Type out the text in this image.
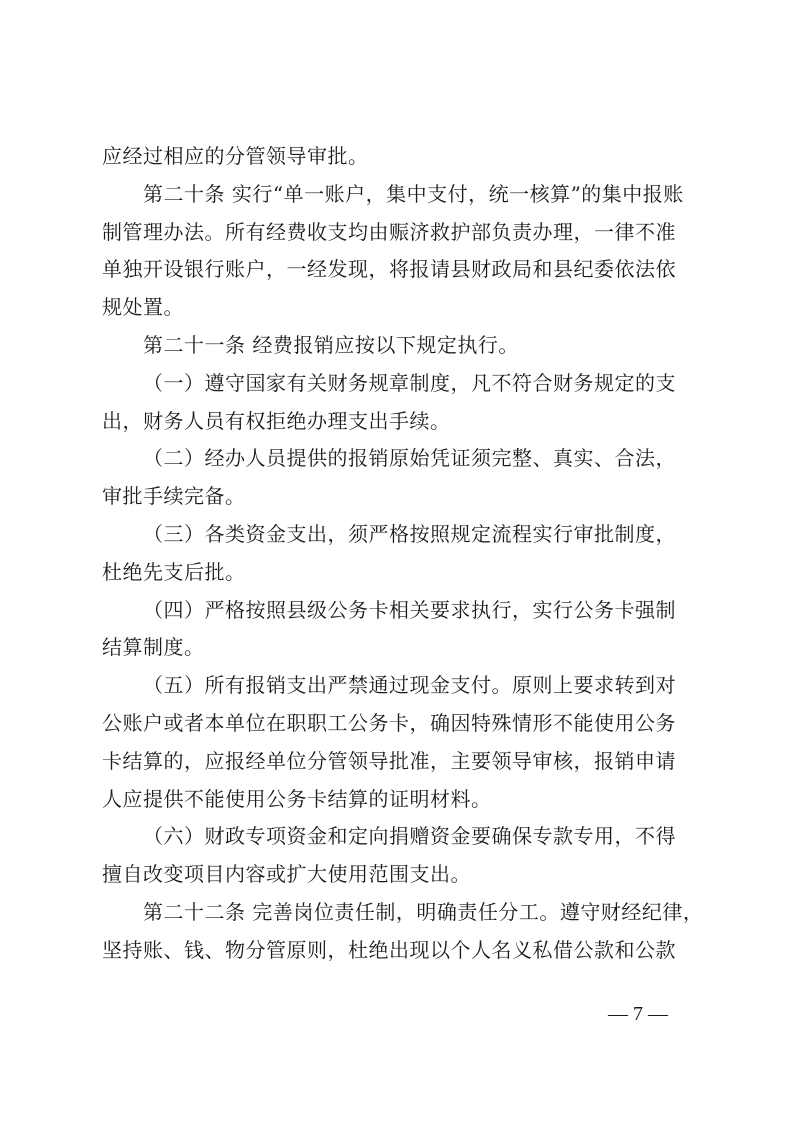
应经过相应的分管领导审批。
第二十条 实行“单一账户，集中支付，统一核算”的集中报账
制管理办法。所有经费收支均由赈济救护部负责办理，一律不准
单独开设银行账户，一经发现，将报请县财政局和县纪委依法依
规处置。
第二十一条 经费报销应按以下规定执行。
（一）遵守国家有关财务规章制度，凡不符合财务规定的支
出，财务人员有权拒绝办理支出手续。
（二）经办人员提供的报销原始凭证须完整、真实、合法，
审批手续完备。
（三）各类资金支出，须严格按照规定流程实行审批制度，
杜绝先支后批。
（四）严格按照县级公务卡相关要求执行，实行公务卡强制
结算制度。
（五）所有报销支出严禁通过现金支付。原则上要求转到对
公账户或者本单位在职职工公务卡，确因特殊情形不能使用公务
卡结算的，应报经单位分管领导批准，主要领导审核，报销申请
人应提供不能使用公务卡结算的证明材料。
（六）财政专项资金和定向捐赠资金要确保专款专用，不得
擅自改变项目内容或扩大使用范围支出。
第二十二条 完善岗位责任制，明确责任分工。遵守财经纪律，
坚持账、钱、物分管原则，杜绝出现以个人名义私借公款和公款
— 7 —
